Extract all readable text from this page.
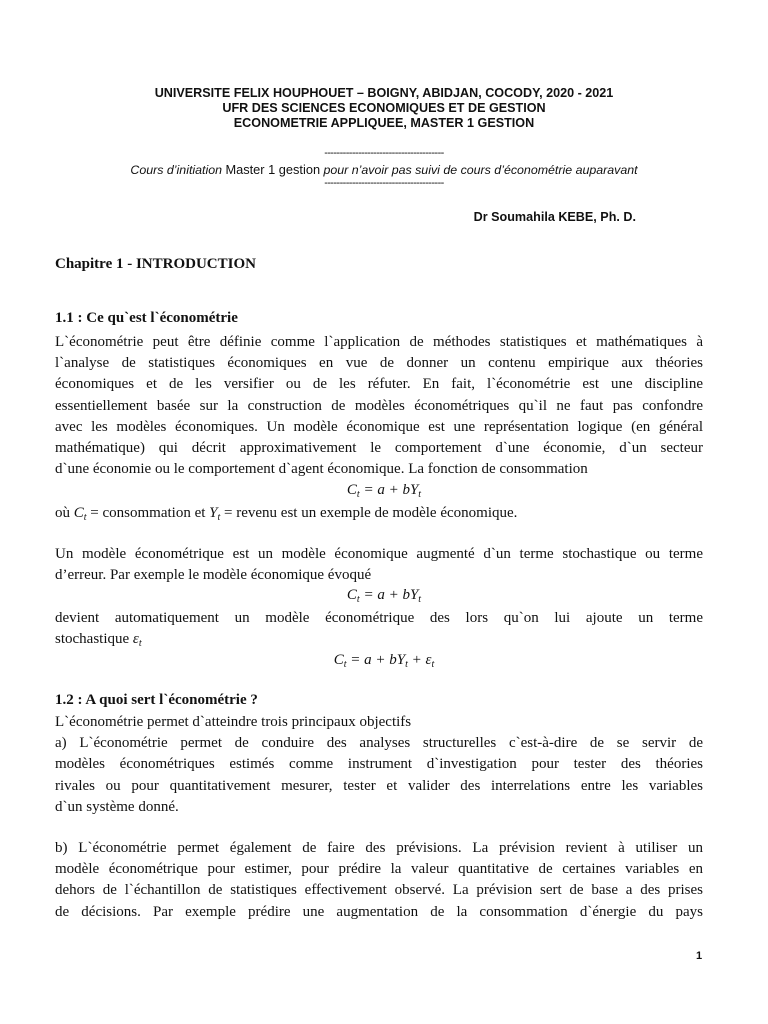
UNIVERSITE FELIX HOUPHOUET – BOIGNY, ABIDJAN, COCODY, 2020 - 2021
UFR DES SCIENCES ECONOMIQUES ET DE GESTION
ECONOMETRIE APPLIQUEE, MASTER 1 GESTION
---------------------------------------
Cours d’initiation Master 1 gestion pour n’avoir pas suivi de cours d’économétrie auparavant
---------------------------------------
Dr Soumahila KEBE, Ph. D.
Chapitre 1 - INTRODUCTION
1.1 : Ce qu`est l`économétrie
L`économétrie peut être définie comme l`application de méthodes statistiques et mathématiques à
l`analyse de statistiques économiques en vue de donner un contenu empirique aux théories
économiques et de les versifier ou de les réfuter. En fait, l`économétrie est une discipline
essentiellement basée sur la construction de modèles économétriques qu`il ne faut pas confondre
avec les modèles économiques. Un modèle économique est une représentation logique (en général
mathématique) qui décrit approximativement le comportement d`une économie, d`un secteur
d`une économie ou le comportement d`agent économique. La fonction de consommation
$C_t = a + bY_t$
où $C_t$ = consommation et $Y_t$ = revenu est un exemple de modèle économique.
Un modèle économétrique est un modèle économique augmenté d`un terme stochastique ou terme
d’erreur. Par exemple le modèle économique évoqué
$C_t = a + bY_t$
devient automatiquement un modèle économétrique des lors qu`on lui ajoute un terme
stochastique $\varepsilon_t$
$C_t = a + bY_t + \varepsilon_t$
1.2 : A quoi sert l`économétrie ?
L`économétrie permet d`atteindre trois principaux objectifs
a) L`économétrie permet de conduire des analyses structurelles c`est-à-dire de se servir de
modèles économétriques estimés comme instrument d`investigation pour tester des théories
rivales ou pour quantitativement mesurer, tester et valider des interrelations entre les variables
d`un système donné.
b) L`économétrie permet également de faire des prévisions. La prévision revient à utiliser un
modèle économétrique pour estimer, pour prédire la valeur quantitative de certaines variables en
dehors de l`échantillon de statistiques effectivement observé. La prévision sert de base a des prises
de décisions. Par exemple prédire une augmentation de la consommation d`énergie du pays
1
